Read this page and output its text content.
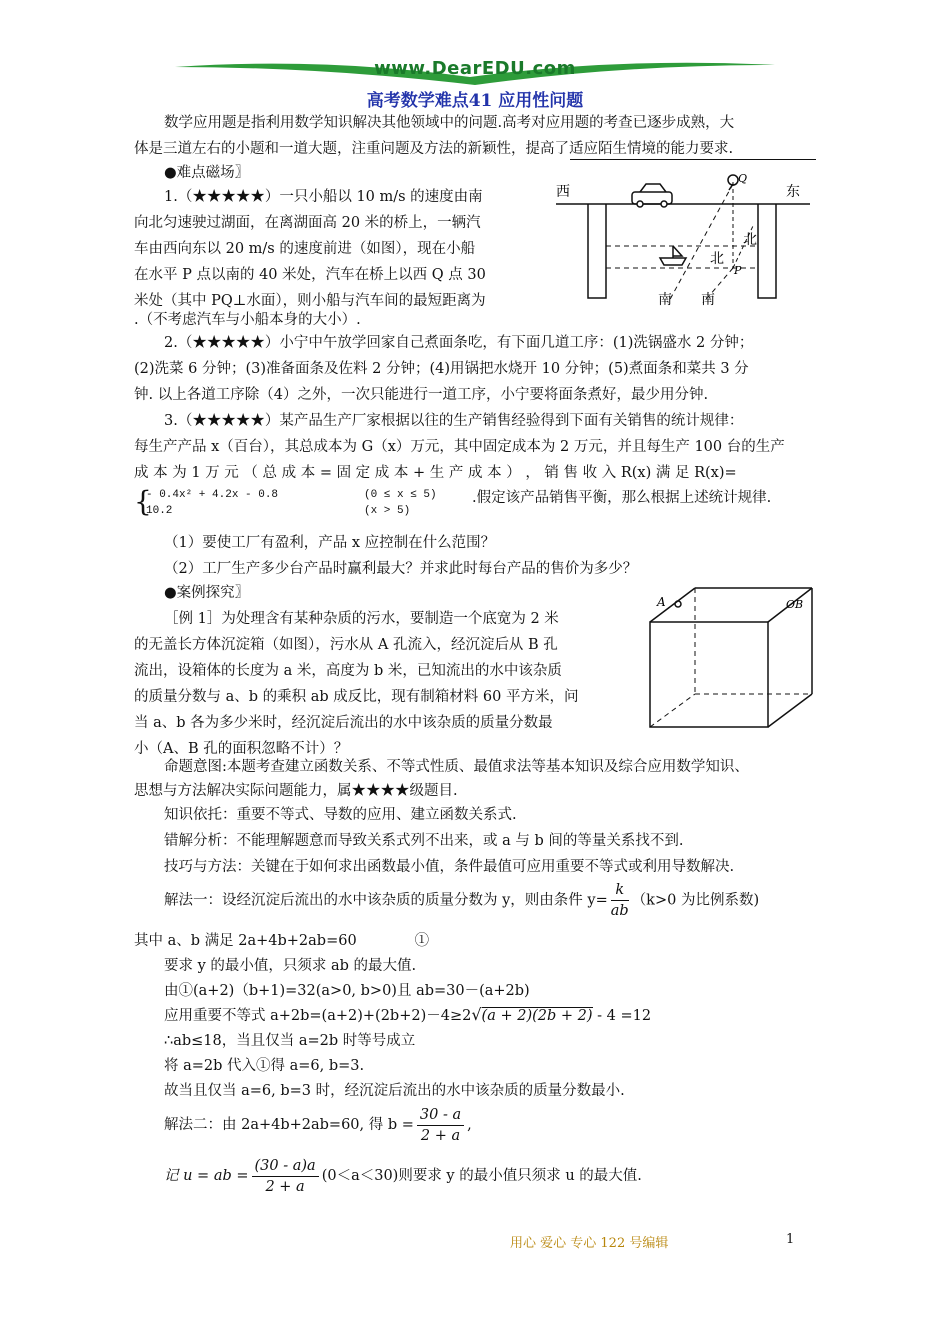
www.DearEDU.com
高考数学难点41 应用性问题
数学应用题是指利用数学知识解决其他领域中的问题.高考对应用题的考查已逐步成熟，大
体是三道左右的小题和一道大题，注重问题及方法的新颖性，提高了适应陌生情境的能力要求.
●难点磁场〗
1.（★★★★★）一只小船以 10 m/s 的速度由南
向北匀速驶过湖面，在离湖面高 20 米的桥上，一辆汽
车由西向东以 20 m/s 的速度前进（如图），现在小船
在水平 P 点以南的 40 米处，汽车在桥上以西 Q 点 30
米处（其中 PQ⊥水面），则小船与汽车间的最短距离为
.（不考虑汽车与小船本身的大小）.
西	东
北
北
P
Q
南 南
2.（★★★★★）小宁中午放学回家自己煮面条吃，有下面几道工序：(1)洗锅盛水 2 分钟；
(2)洗菜 6 分钟；(3)准备面条及佐料 2 分钟；(4)用锅把水烧开 10 分钟；(5)煮面条和菜共 3 分
钟. 以上各道工序除（4）之外，一次只能进行一道工序，小宁要将面条煮好，最少用分钟.
3.（★★★★★）某产品生产厂家根据以往的生产销售经验得到下面有关销售的统计规律：
每生产产品 x（百台），其总成本为 G（x）万元，其中固定成本为 2 万元，并且每生产 100 台的生产
成 本 为 1 万 元 （ 总 成 本 = 固 定 成 本 + 生 产 成 本 ） ， 销 售 收 入 R(x) 满 足 R(x)=
{
- 0.4x² + 4.2x - 0.8	(0 ≤ x ≤ 5)
10.2	(x > 5)
.假定该产品销售平衡，那么根据上述统计规律.
（1）要使工厂有盈利，产品 x 应控制在什么范围？
（2）工厂生产多少台产品时赢利最大？并求此时每台产品的售价为多少？
●案例探究〗
［例 1］为处理含有某种杂质的污水，要制造一个底宽为 2 米
的无盖长方体沉淀箱（如图），污水从 A 孔流入，经沉淀后从 B 孔
流出，设箱体的长度为 a 米，高度为 b 米，已知流出的水中该杂质
的质量分数与 a、b 的乘积 ab 成反比，现有制箱材料 60 平方米，问
当 a、b 各为多少米时，经沉淀后流出的水中该杂质的质量分数最
小（A、B 孔的面积忽略不计）？
A	OB
命题意图:本题考查建立函数关系、不等式性质、最值求法等基本知识及综合应用数学知识、
思想与方法解决实际问题能力，属★★★★级题目.
知识依托：重要不等式、导数的应用、建立函数关系式.
错解分析：不能理解题意而导致关系式列不出来，或 a 与 b 间的等量关系找不到.
技巧与方法：关键在于如何求出函数最小值，条件最值可应用重要不等式或利用导数解决.
解法一：设经沉淀后流出的水中该杂质的质量分数为 y，则由条件 $y= \frac{k}{ab} (k>0$ 为比例系数)
其中 a、b 满足 2a+4b+2ab=60　　　　①
要求 y 的最小值，只须求 ab 的最大值.
由①(a+2)（b+1)=32(a>0, b>0)且 ab=30－(a+2b)
应用重要不等式 a+2b=(a+2)+(2b+2)－4≥2√(a + 2)(2b + 2) - 4 =12
∴ab≤18，当且仅当 a=2b 时等号成立
将 a=2b 代入①得 a=6, b=3.
故当且仅当 a=6, b=3 时，经沉淀后流出的水中该杂质的质量分数最小.
解法二：由 2a+4b+2ab=60, 得 $b = \frac{30 - a}{2 + a}$ ,
记 u = ab = $\frac{(30 - a)a}{2 + a} (0<a<30)$则要求 y 的最小值只须求 u 的最大值.
用心 爱心 专心 122 号编辑	1
